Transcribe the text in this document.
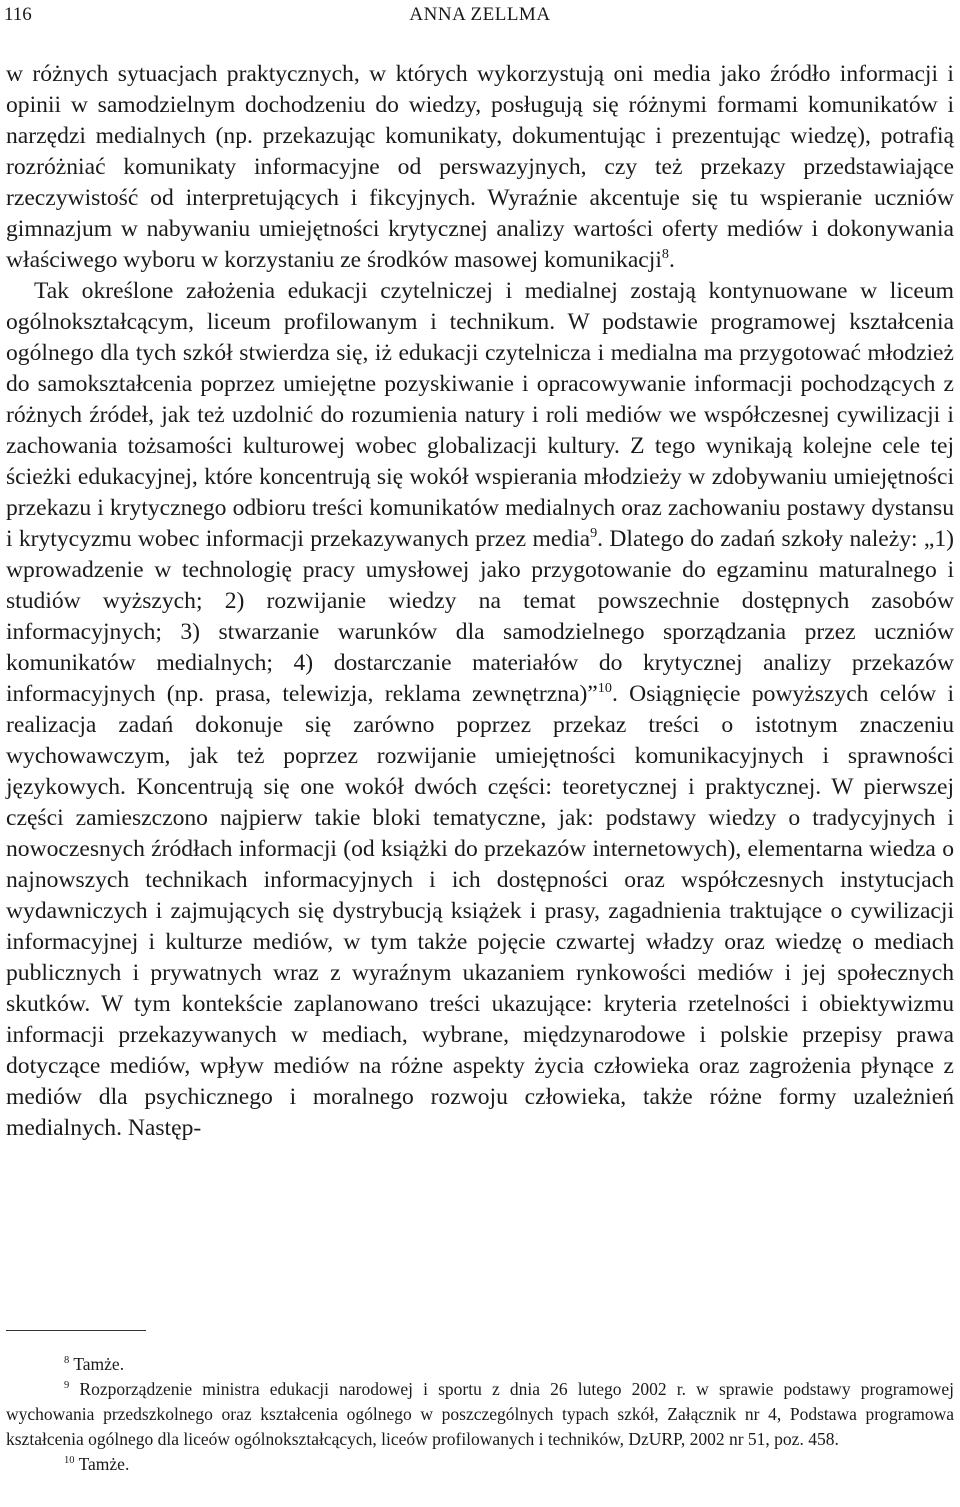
116	ANNA ZELLMA

w różnych sytuacjach praktycznych, w których wykorzystują oni media jako źródło informacji i opinii w samodzielnym dochodzeniu do wiedzy, posługują się różnymi formami komunikatów i narzędzi medialnych (np. przekazując komunikaty, dokumentując i prezentując wiedzę), potrafią rozróżniać komunikaty informacyjne od perswazyjnych, czy też przekazy przedstawiające rzeczywistość od interpretujących i fikcyjnych. Wyraźnie akcentuje się tu wspieranie uczniów gimnazjum w nabywaniu umiejętności krytycznej analizy wartości oferty mediów i dokonywania właściwego wyboru w korzystaniu ze środków masowej komunikacji$^8$.

Tak określone założenia edukacji czytelniczej i medialnej zostają kontynuowane w liceum ogólnokształcącym, liceum profilowanym i technikum. W podstawie programowej kształcenia ogólnego dla tych szkół stwierdza się, iż edukacji czytelnicza i medialna ma przygotować młodzież do samokształcenia poprzez umiejętne pozyskiwanie i opracowywanie informacji pochodzących z różnych źródeł, jak też uzdolnić do rozumienia natury i roli mediów we współczesnej cywilizacji i zachowania tożsamości kulturowej wobec globalizacji kultury. Z tego wynikają kolejne cele tej ścieżki edukacyjnej, które koncentrują się wokół wspierania młodzieży w zdobywaniu umiejętności przekazu i krytycznego odbioru treści komunikatów medialnych oraz zachowaniu postawy dystansu i krytycyzmu wobec informacji przekazywanych przez media$^9$. Dlatego do zadań szkoły należy: „1) wprowadzenie w technologię pracy umysłowej jako przygotowanie do egzaminu maturalnego i studiów wyższych; 2) rozwijanie wiedzy na temat powszechnie dostępnych zasobów informacyjnych; 3) stwarzanie warunków dla samodzielnego sporządzania przez uczniów komunikatów medialnych; 4) dostarczanie materiałów do krytycznej analizy przekazów informacyjnych (np. prasa, telewizja, reklama zewnętrzna)”$^{10}$. Osiągnięcie powyższych celów i realizacja zadań dokonuje się zarówno poprzez przekaz treści o istotnym znaczeniu wychowawczym, jak też poprzez rozwijanie umiejętności komunikacyjnych i sprawności językowych. Koncentrują się one wokół dwóch części: teoretycznej i praktycznej. W pierwszej części zamieszczono najpierw takie bloki tematyczne, jak: podstawy wiedzy o tradycyjnych i nowoczesnych źródłach informacji (od książki do przekazów internetowych), elementarna wiedza o najnowszych technikach informacyjnych i ich dostępności oraz współczesnych instytucjach wydawniczych i zajmujących się dystrybucją książek i prasy, zagadnienia traktujące o cywilizacji informacyjnej i kulturze mediów, w tym także pojęcie czwartej władzy oraz wiedzę o mediach publicznych i prywatnych wraz z wyraźnym ukazaniem rynkowości mediów i jej społecznych skutków. W tym kontekście zaplanowano treści ukazujące: kryteria rzetelności i obiektywizmu informacji przekazywanych w mediach, wybrane, międzynarodowe i polskie przepisy prawa dotyczące mediów, wpływ mediów na różne aspekty życia człowieka oraz zagrożenia płynące z mediów dla psychicznego i moralnego rozwoju człowieka, także różne formy uzależnień medialnych. Następ-

$^8$ Tamże.

$^9$ Rozporządzenie ministra edukacji narodowej i sportu z dnia 26 lutego 2002 r. w sprawie podstawy programowej wychowania przedszkolnego oraz kształcenia ogólnego w poszczególnych typach szkół, Załącznik nr 4, Podstawa programowa kształcenia ogólnego dla liceów ogólnokształcących, liceów profilowanych i techników, DzURP, 2002 nr 51, poz. 458.

$^{10}$ Tamże.
